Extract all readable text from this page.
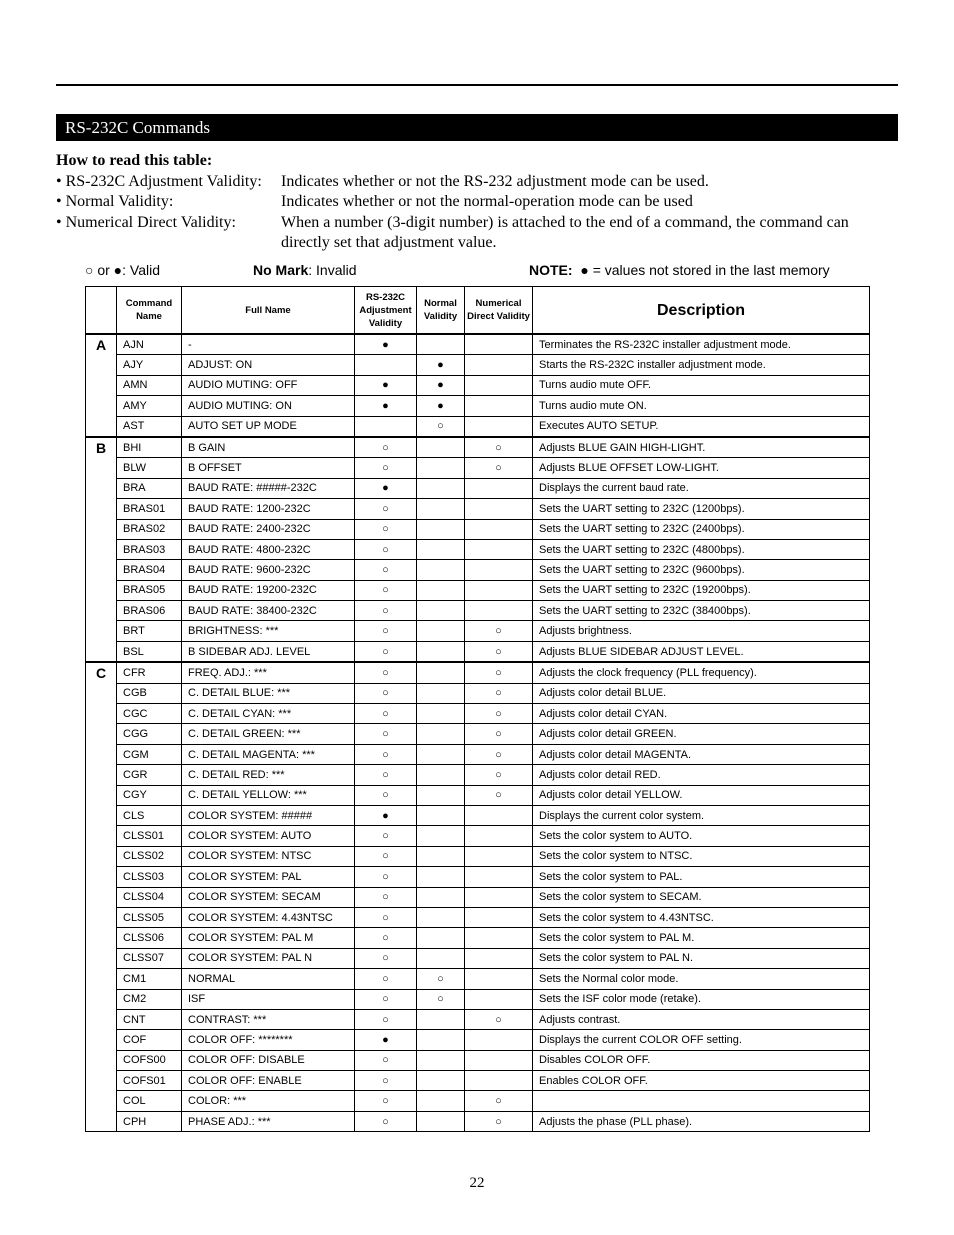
RS-232C Commands
How to read this table:
• RS-232C Adjustment Validity:	Indicates whether or not the RS-232 adjustment mode can be used.
• Normal Validity:	Indicates whether or not the normal-operation mode can be used
• Numerical Direct Validity:	When a number (3-digit number) is attached to the end of a command, the command can directly set that adjustment value.
○ or ●: Valid	No Mark: Invalid	NOTE: ● = values not stored in the last memory
	Command Name	Full Name	RS-232C Adjustment Validity	Normal Validity	Numerical Direct Validity	Description
A	AJN	-	●			Terminates the RS-232C installer adjustment mode.
	AJY	ADJUST: ON		●		Starts the RS-232C installer adjustment mode.
	AMN	AUDIO MUTING: OFF	●	●		Turns audio mute OFF.
	AMY	AUDIO MUTING: ON	●	●		Turns audio mute ON.
	AST	AUTO SET UP MODE		○		Executes AUTO SETUP.
B	BHI	B GAIN	○		○	Adjusts BLUE GAIN HIGH-LIGHT.
	BLW	B OFFSET	○		○	Adjusts BLUE OFFSET LOW-LIGHT.
	BRA	BAUD RATE: #####-232C	●			Displays the current baud rate.
	BRAS01	BAUD RATE: 1200-232C	○			Sets the UART setting to 232C (1200bps).
	BRAS02	BAUD RATE: 2400-232C	○			Sets the UART setting to 232C (2400bps).
	BRAS03	BAUD RATE: 4800-232C	○			Sets the UART setting to 232C (4800bps).
	BRAS04	BAUD RATE: 9600-232C	○			Sets the UART setting to 232C (9600bps).
	BRAS05	BAUD RATE: 19200-232C	○			Sets the UART setting to 232C (19200bps).
	BRAS06	BAUD RATE: 38400-232C	○			Sets the UART setting to 232C (38400bps).
	BRT	BRIGHTNESS: ***	○		○	Adjusts brightness.
	BSL	B SIDEBAR ADJ. LEVEL	○		○	Adjusts BLUE SIDEBAR ADJUST LEVEL.
C	CFR	FREQ. ADJ.: ***	○		○	Adjusts the clock frequency (PLL frequency).
	CGB	C. DETAIL BLUE: ***	○		○	Adjusts color detail BLUE.
	CGC	C. DETAIL CYAN: ***	○		○	Adjusts color detail CYAN.
	CGG	C. DETAIL GREEN: ***	○		○	Adjusts color detail GREEN.
	CGM	C. DETAIL MAGENTA: ***	○		○	Adjusts color detail MAGENTA.
	CGR	C. DETAIL RED: ***	○		○	Adjusts color detail RED.
	CGY	C. DETAIL YELLOW: ***	○		○	Adjusts color detail YELLOW.
	CLS	COLOR SYSTEM: #####	●			Displays the current color system.
	CLSS01	COLOR SYSTEM: AUTO	○			Sets the color system to AUTO.
	CLSS02	COLOR SYSTEM: NTSC	○			Sets the color system to NTSC.
	CLSS03	COLOR SYSTEM: PAL	○			Sets the color system to PAL.
	CLSS04	COLOR SYSTEM: SECAM	○			Sets the color system to SECAM.
	CLSS05	COLOR SYSTEM: 4.43NTSC	○			Sets the color system to 4.43NTSC.
	CLSS06	COLOR SYSTEM: PAL M	○			Sets the color system to PAL M.
	CLSS07	COLOR SYSTEM: PAL N	○			Sets the color system to PAL N.
	CM1	NORMAL	○	○		Sets the Normal color mode.
	CM2	ISF	○	○		Sets the ISF color mode (retake).
	CNT	CONTRAST: ***	○		○	Adjusts contrast.
	COF	COLOR OFF: ********	●			Displays the current COLOR OFF setting.
	COFS00	COLOR OFF: DISABLE	○			Disables COLOR OFF.
	COFS01	COLOR OFF: ENABLE	○			Enables COLOR OFF.
	COL	COLOR: ***	○		○	
	CPH	PHASE ADJ.: ***	○		○	Adjusts the phase (PLL phase).
22
